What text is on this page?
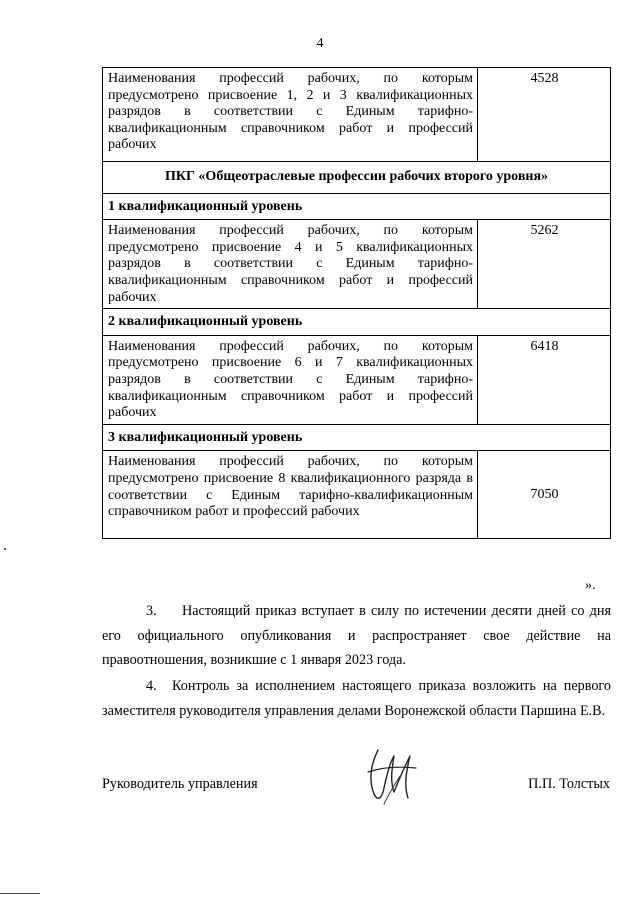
4
Наименования профессий рабочих, по которым предусмотрено присвоение 1, 2 и 3 квалификационных разрядов в соответствии с Единым тарифно-квалификационным справочником работ и профессий рабочих	4528
ПКГ «Общеотраслевые профессии рабочих второго уровня»	
1 квалификационный уровень	
Наименования профессий рабочих, по которым предусмотрено присвоение 4 и 5 квалификационных разрядов в соответствии с Единым тарифно-квалификационным справочником работ и профессий рабочих	5262
2 квалификационный уровень	
Наименования профессий рабочих, по которым предусмотрено присвоение 6 и 7 квалификационных разрядов в соответствии с Единым тарифно-квалификационным справочником работ и профессий рабочих	6418
3 квалификационный уровень	
Наименования профессий рабочих, по которым предусмотрено присвоение 8 квалификационного разряда в соответствии с Единым тарифно-квалификационным справочником работ и профессий рабочих	7050
».
3. Настоящий приказ вступает в силу по истечении десяти дней со дня его официального опубликования и распространяет свое действие на правоотношения, возникшие с 1 января 2023 года.
4. Контроль за исполнением настоящего приказа возложить на первого заместителя руководителя управления делами Воронежской области Паршина Е.В.
Руководитель управления	П.П. Толстых
